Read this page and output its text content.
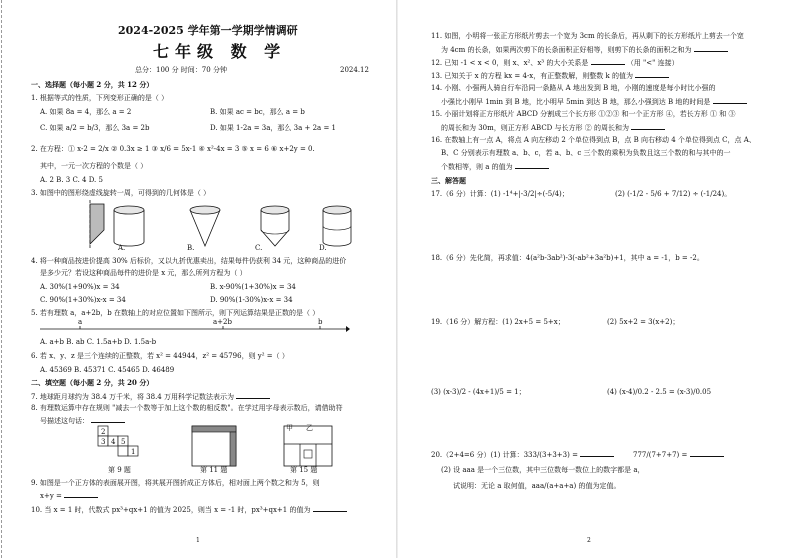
2024-2025 学年第一学期学情调研
七年级 数 学
总分：100 分 时间：70 分钟	2024.12
一、选择题（每小题 2 分，共 12 分）
1. 根据等式的性质，下列变形正确的是（ ）
A. 如果 8a = 4，那么 a = 2	B. 如果 ac = bc，那么 a = b
C. 如果 a/2 = b/3，那么 3a = 2b	D. 如果 1-2a = 3a，那么 3a + 2a = 1
2. 在方程：① x-2 = 2/x ② 0.3x ≥ 1 ③ x/6 = 5x-1 ④ x²-4x = 3 ⑤ x = 6 ⑥ x+2y = 0.
其中，一元一次方程的个数是（ ）
A. 2 B. 3 C. 4 D. 5
3. 如图中的图形绕虚线旋转一周，可得到的几何体是（ ）
A.	B.	C.	D.
4. 将一种商品按进价提高 30% 后标价，又以九折优惠卖出，结果每件仍获利 34 元，这种商品的进价
是多少元？若设这种商品每件的进价是 x 元，那么所列方程为（ ）
A. 30%(1+90%)x = 34	B. x-90%(1+30%)x = 34
C. 90%(1+30%)x-x = 34	D. 90%(1-30%)x-x = 34
5. 若有理数 a，a+2b，b 在数轴上的对应位置如下图所示，则下列运算结果是正数的是（ ）
a	a+2b	b
A. a+b B. ab C. 1.5a+b D. 1.5a-b
6. 若 x、y、z 是三个连续的正整数，若 x² = 44944，z² = 45796，则 y² =（ ）
A. 45369 B. 45371 C. 45465 D. 46489
二、填空题（每小题 2 分，共 20 分）
7. 地球距月球约为 38.4 万千米，将 38.4 万用科学记数法表示为
8. 有理数运算中存在规则 "减去一个数等于加上这个数的相反数"。在学过用字母表示数后，请借助符
号描述这句话：
2
3 4 5
1
甲 乙
第 9 题	第 11 题	第 15 题
9. 如图是一个正方体的表面展开图，将其展开图折成正方体后，相对面上两个数之和为 5，则
x+y =
10. 当 x = 1 时，代数式 px³+qx+1 的值为 2025，则当 x = -1 时，px³+qx+1 的值为
1
11. 如图，小明将一张正方形纸片剪去一个宽为 3cm 的长条后，再从剩下的长方形纸片上剪去一个宽
为 4cm 的长条，如果两次剪下的长条面积正好相等，则剪下的长条的面积之和为
12. 已知 -1 < x < 0，则 x、x²、x³ 的大小关系是	（用 "<" 连接）
13. 已知关于 x 的方程 kx = 4-x，有正整数解，则整数 k 的值为
14. 小刚、小强两人骑自行车沿同一条路从 A 地出发到 B 地，小刚的速度是每小时比小强的
小强比小刚早 1min 到 B 地，比小明早 5min 到达 B 地，那么小强到达 B 地的时间是
15. 小丽计划将正方形纸片 ABCD 分割成三个长方形 ①②③ 和一个正方形 ④，若长方形 ① 和 ③
的周长和为 30m，则正方形 ABCD 与长方形 ② 的周长和为
16. 在数轴上有一点 A，将点 A 向左移动 2 个单位得到点 B，点 B 向右移动 4 个单位得到点 C，点 A、
B、C 分别表示有理数 a、b、c，若 a、b、c 三个数的乘积为负数且这三个数的和与其中的一
个数相等，则 a 的值为
三、解答题
17.（6 分）计算：(1) -1⁴+|-3/2|÷(-5/4)；	(2) (-1/2 - 5/6 + 7/12) ÷ (-1/24)。
18.（6 分）先化简，再求值：4(a²b-3ab²)-3(-ab²+3a²b)+1，其中 a = -1，b = -2。
19.（16 分）解方程：(1) 2x+5 = 5+x；	(2) 5x+2 = 3(x+2)；
(3) (x-3)/2 - (4x+1)/5 = 1；	(4) (x-4)/0.2 - 2.5 = (x-3)/0.05
20.（2+4=6 分）(1) 计算：333/(3+3+3) =	777/(7+7+7) =
(2) 设 aaa 是一个三位数，其中三位数每一数位上的数字都是 a，
试说明：无论 a 取何值，aaa/(a+a+a) 的值为定值。
2
